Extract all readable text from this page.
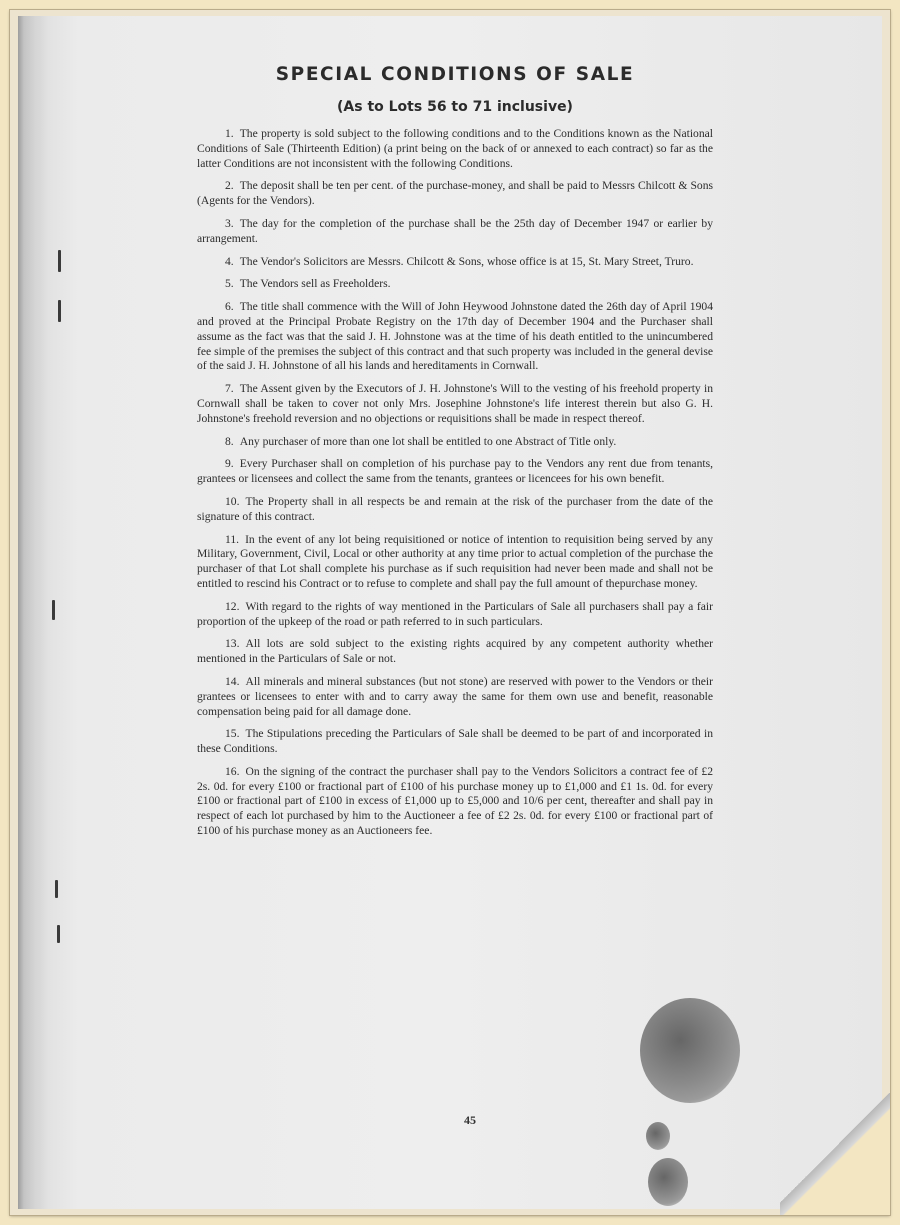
SPECIAL CONDITIONS OF SALE
(As to Lots 56 to 71 inclusive)

1. The property is sold subject to the following conditions and to the Conditions known as the National Conditions of Sale (Thirteenth Edition) (a print being on the back of or annexed to each contract) so far as the latter Conditions are not inconsistent with the following Conditions.

2. The deposit shall be ten per cent. of the purchase-money, and shall be paid to Messrs Chilcott & Sons (Agents for the Vendors).

3. The day for the completion of the purchase shall be the 25th day of December 1947 or earlier by arrangement.

4. The Vendor's Solicitors are Messrs. Chilcott & Sons, whose office is at 15, St. Mary Street, Truro.

5. The Vendors sell as Freeholders.

6. The title shall commence with the Will of John Heywood Johnstone dated the 26th day of April 1904 and proved at the Principal Probate Registry on the 17th day of December 1904 and the Purchaser shall assume as the fact was that the said J. H. Johnstone was at the time of his death entitled to the unincumbered fee simple of the premises the subject of this contract and that such property was included in the general devise of the said J. H. Johnstone of all his lands and hereditaments in Cornwall.

7. The Assent given by the Executors of J. H. Johnstone's Will to the vesting of his freehold property in Cornwall shall be taken to cover not only Mrs. Josephine Johnstone's life interest therein but also G. H. Johnstone's freehold reversion and no objections or requisitions shall be made in respect thereof.

8. Any purchaser of more than one lot shall be entitled to one Abstract of Title only.

9. Every Purchaser shall on completion of his purchase pay to the Vendors any rent due from tenants, grantees or licensees and collect the same from the tenants, grantees or licencees for his own benefit.

10. The Property shall in all respects be and remain at the risk of the purchaser from the date of the signature of this contract.

11. In the event of any lot being requisitioned or notice of intention to requisition being served by any Military, Government, Civil, Local or other authority at any time prior to actual completion of the purchase the purchaser of that Lot shall complete his purchase as if such requisition had never been made and shall not be entitled to rescind his Contract or to refuse to complete and shall pay the full amount of thepurchase money.

12. With regard to the rights of way mentioned in the Particulars of Sale all purchasers shall pay a fair proportion of the upkeep of the road or path referred to in such particulars.

13. All lots are sold subject to the existing rights acquired by any competent authority whether mentioned in the Particulars of Sale or not.

14. All minerals and mineral substances (but not stone) are reserved with power to the Vendors or their grantees or licensees to enter with and to carry away the same for them own use and benefit, reasonable compensation being paid for all damage done.

15. The Stipulations preceding the Particulars of Sale shall be deemed to be part of and incorporated in these Conditions.

16. On the signing of the contract the purchaser shall pay to the Vendors Solicitors a contract fee of £2 2s. 0d. for every £100 or fractional part of £100 of his purchase money up to £1,000 and £1 1s. 0d. for every £100 or fractional part of £100 in excess of £1,000 up to £5,000 and 10/6 per cent, thereafter and shall pay in respect of each lot purchased by him to the Auctioneer a fee of £2 2s. 0d. for every £100 or fractional part of £100 of his purchase money as an Auctioneers fee.

45
